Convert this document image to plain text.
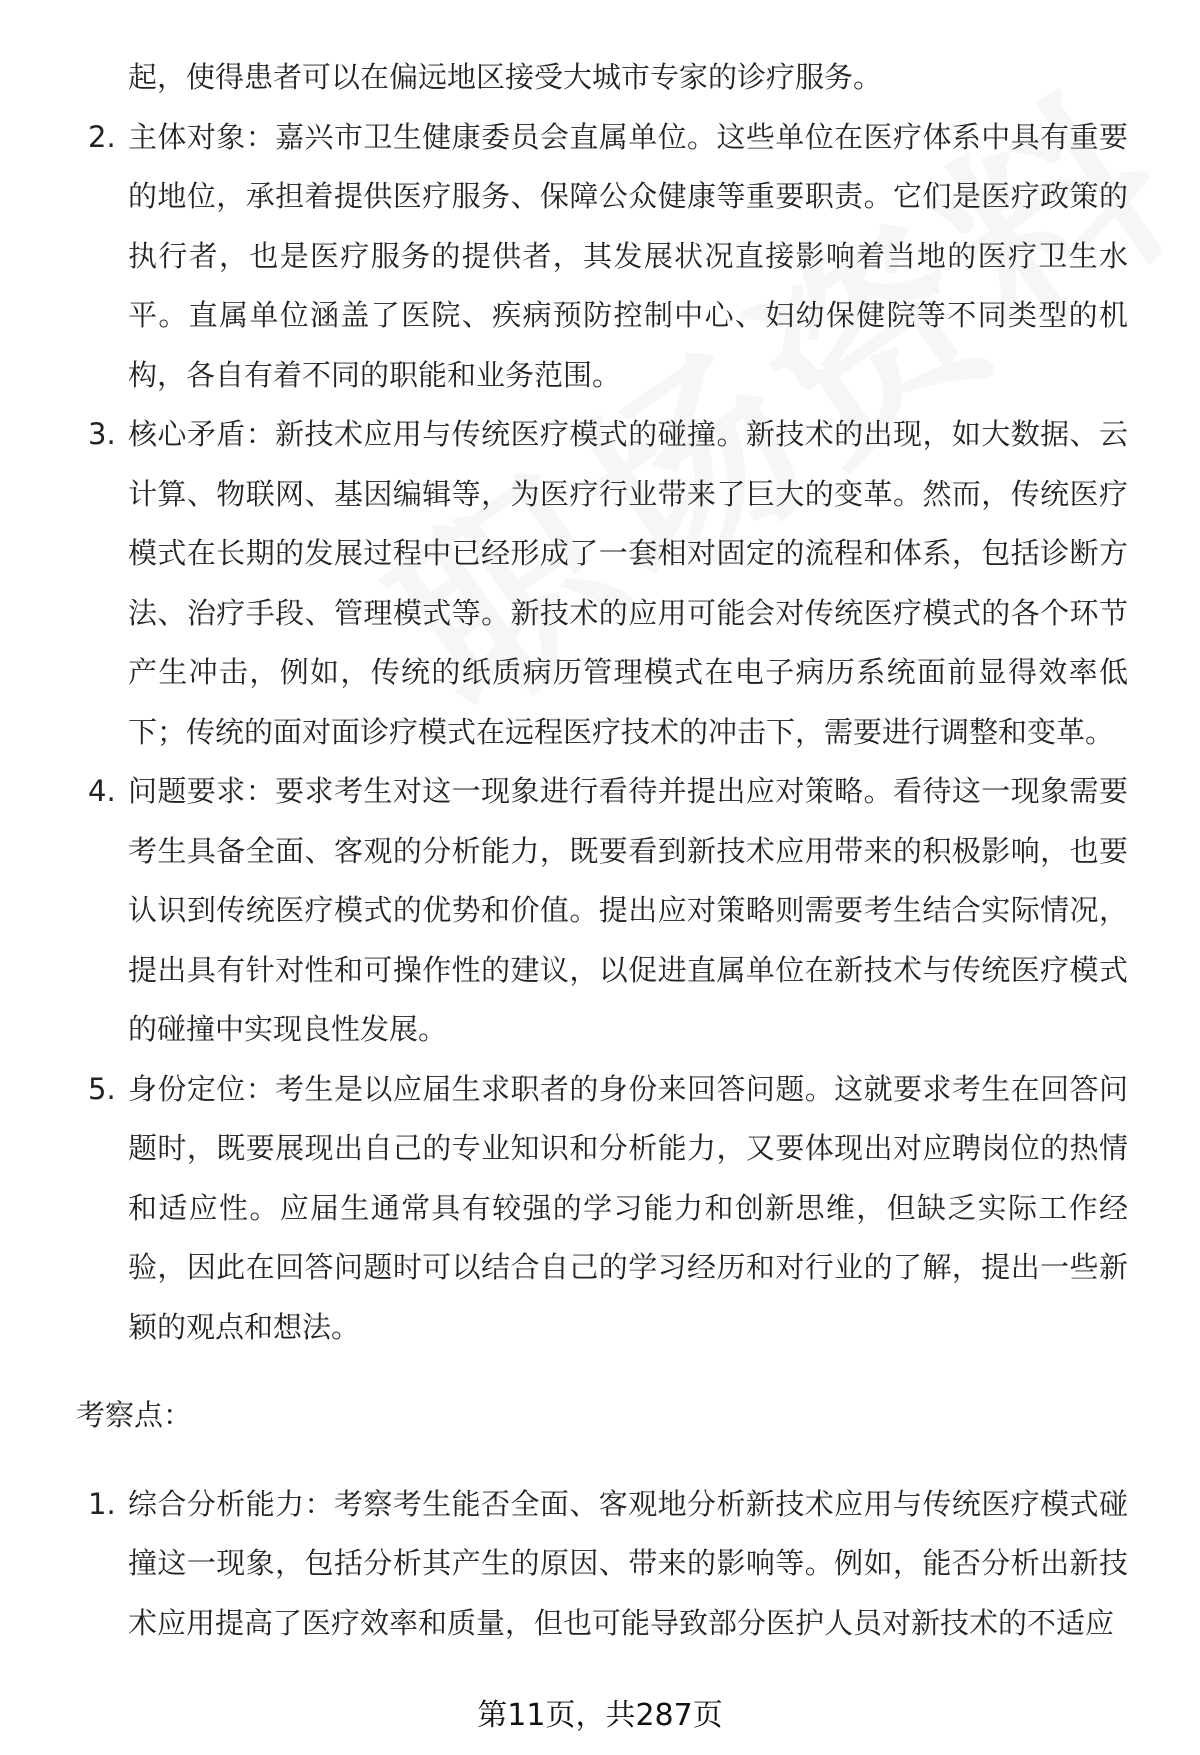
起，使得患者可以在偏远地区接受大城市专家的诊疗服务。
2. 主体对象：嘉兴市卫生健康委员会直属单位。这些单位在医疗体系中具有重要的地位，承担着提供医疗服务、保障公众健康等重要职责。它们是医疗政策的执行者，也是医疗服务的提供者，其发展状况直接影响着当地的医疗卫生水平。直属单位涵盖了医院、疾病预防控制中心、妇幼保健院等不同类型的机构，各自有着不同的职能和业务范围。
3. 核心矛盾：新技术应用与传统医疗模式的碰撞。新技术的出现，如大数据、云计算、物联网、基因编辑等，为医疗行业带来了巨大的变革。然而，传统医疗模式在长期的发展过程中已经形成了一套相对固定的流程和体系，包括诊断方法、治疗手段、管理模式等。新技术的应用可能会对传统医疗模式的各个环节产生冲击，例如，传统的纸质病历管理模式在电子病历系统面前显得效率低下；传统的面对面诊疗模式在远程医疗技术的冲击下，需要进行调整和变革。
4. 问题要求：要求考生对这一现象进行看待并提出应对策略。看待这一现象需要考生具备全面、客观的分析能力，既要看到新技术应用带来的积极影响，也要认识到传统医疗模式的优势和价值。提出应对策略则需要考生结合实际情况，提出具有针对性和可操作性的建议，以促进直属单位在新技术与传统医疗模式的碰撞中实现良性发展。
5. 身份定位：考生是以应届生求职者的身份来回答问题。这就要求考生在回答问题时，既要展现出自己的专业知识和分析能力，又要体现出对应聘岗位的热情和适应性。应届生通常具有较强的学习能力和创新思维，但缺乏实际工作经验，因此在回答问题时可以结合自己的学习经历和对行业的了解，提出一些新颖的观点和想法。
考察点：
1. 综合分析能力：考察考生能否全面、客观地分析新技术应用与传统医疗模式碰撞这一现象，包括分析其产生的原因、带来的影响等。例如，能否分析出新技术应用提高了医疗效率和质量，但也可能导致部分医护人员对新技术的不适应
第11页，共287页
